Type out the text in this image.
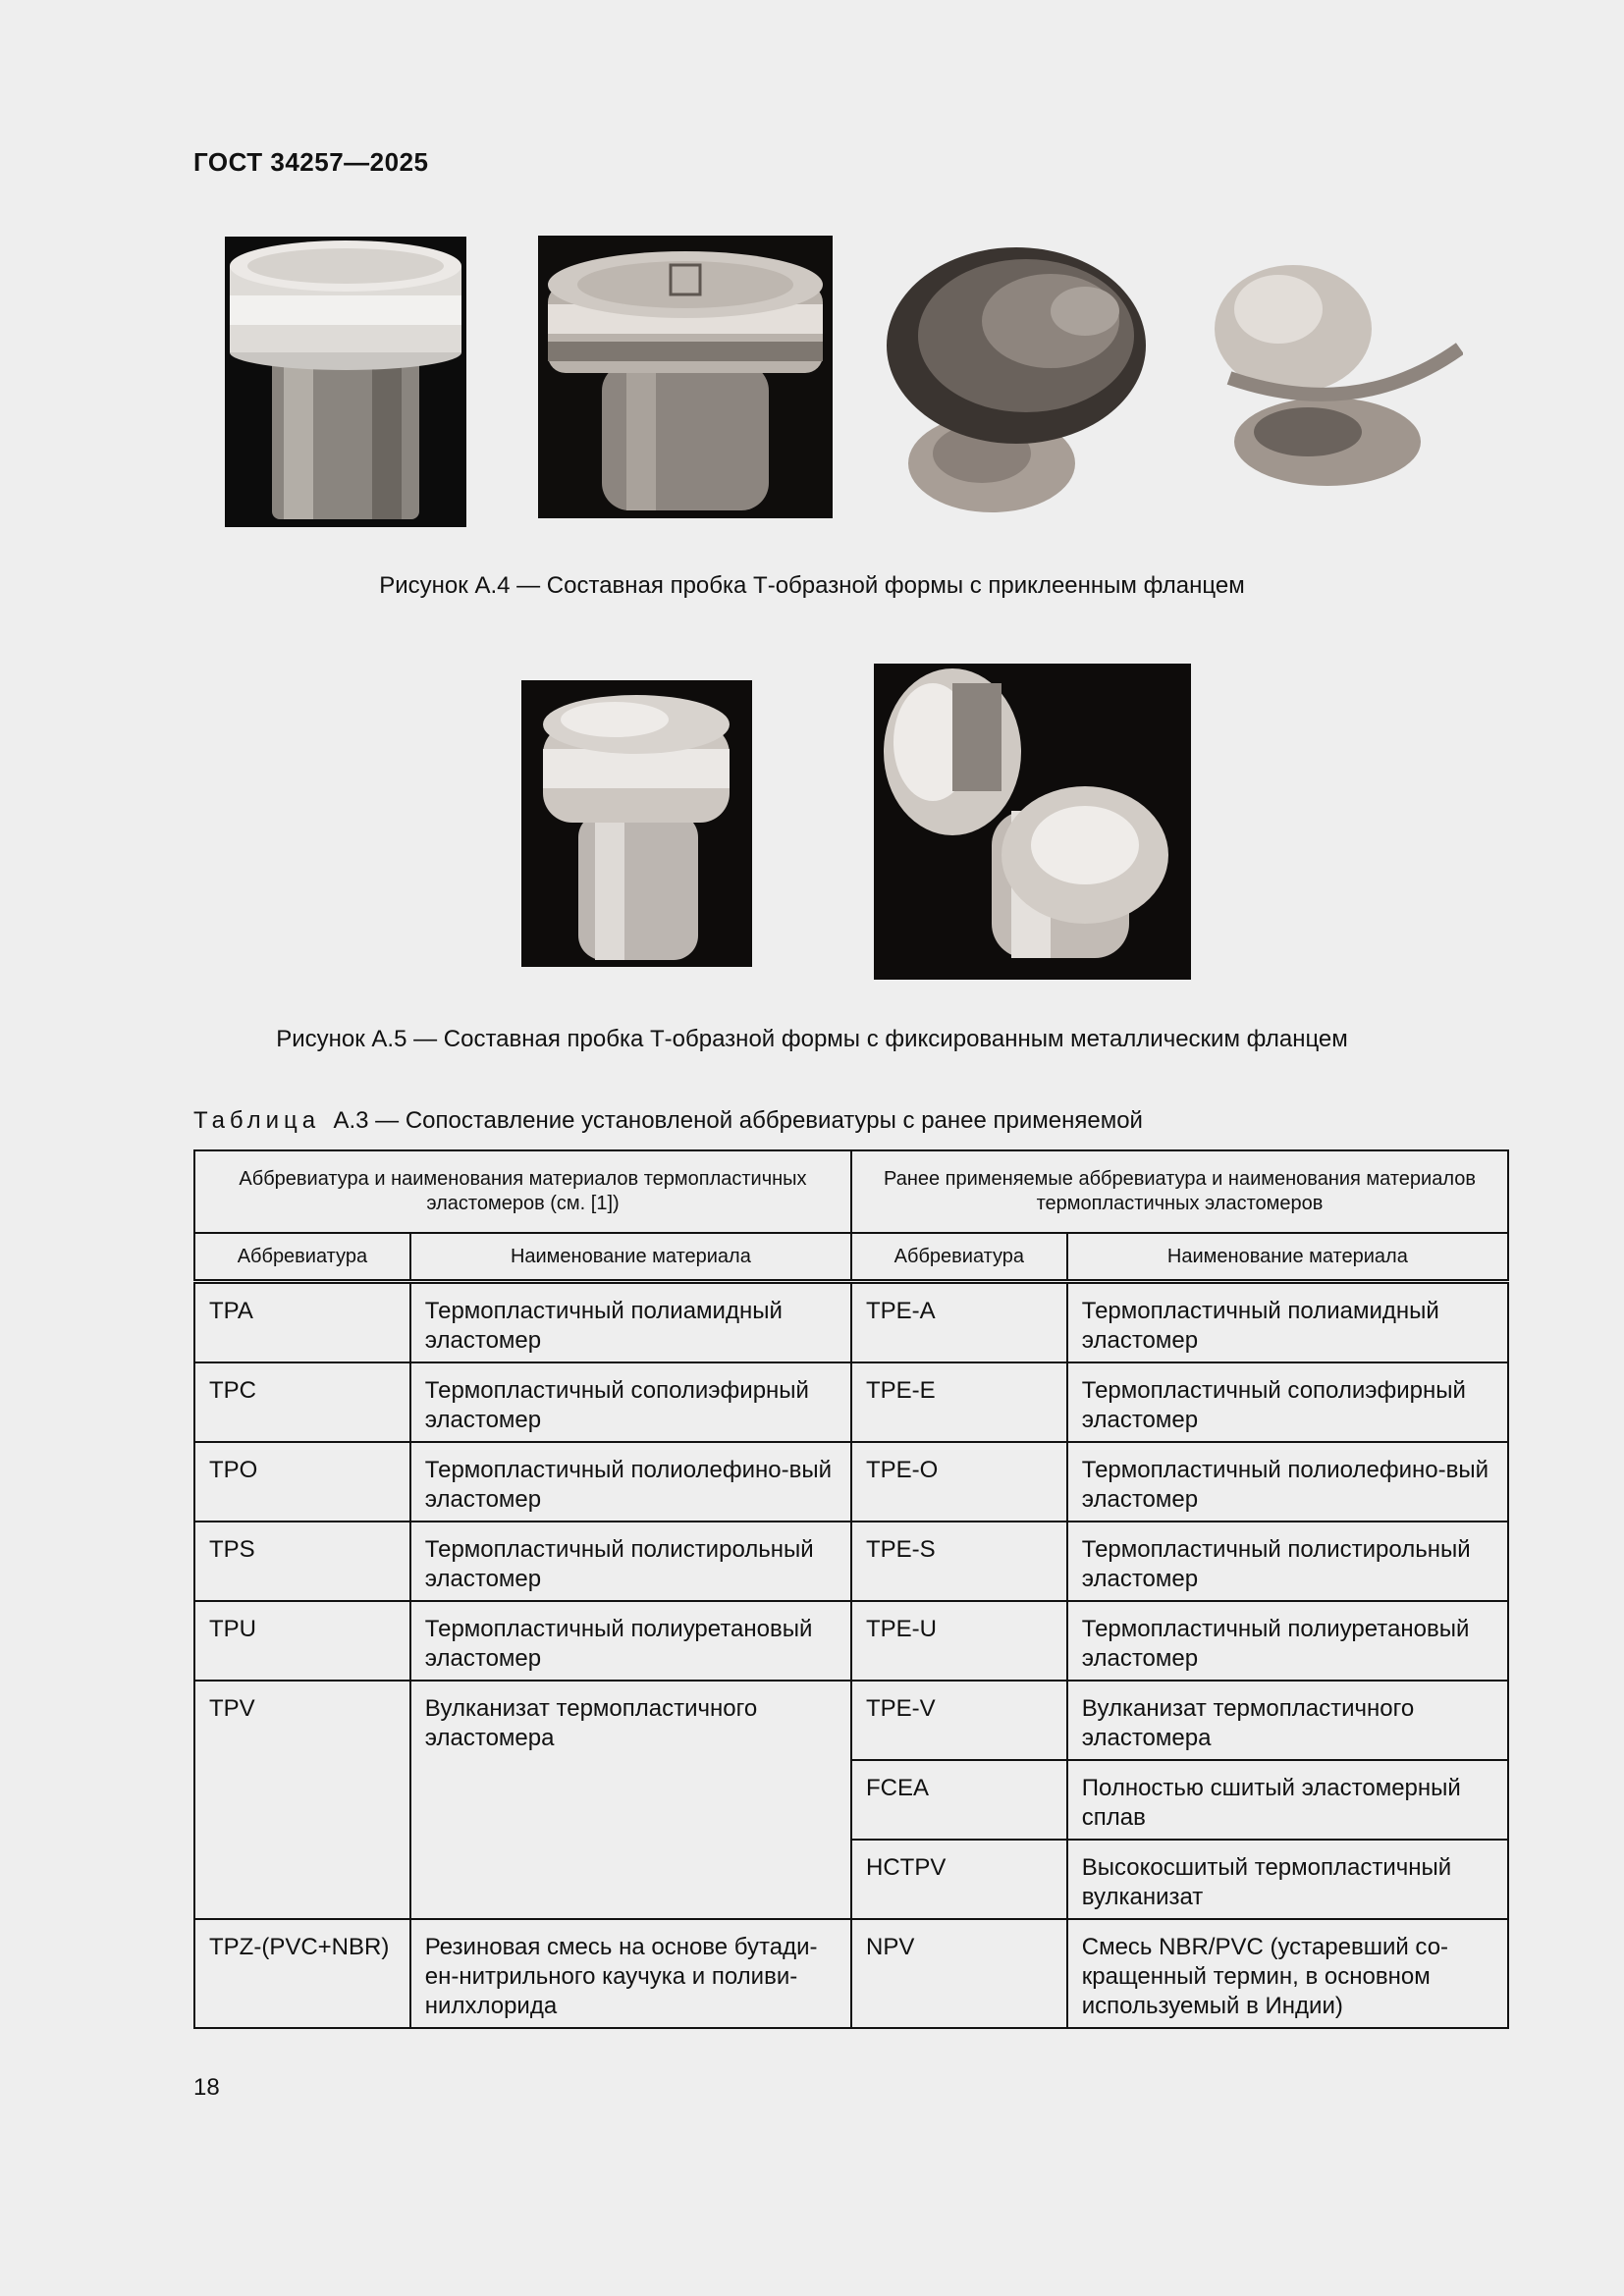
ГОСТ 34257—2025
Рисунок А.4 — Составная пробка Т-образной формы с приклеенным фланцем
Рисунок А.5 — Составная пробка Т-образной формы с фиксированным металлическим фланцем
Таблица А.3 — Сопоставление установленой аббревиатуры с ранее применяемой
Аббревиатура и наименования материалов термопластичных эластомеров (см. [1])		Ранее применяемые аббревиатура и наименования материалов термопластичных эластомеров	
Аббревиатура	Наименование материала	Аббревиатура	Наименование материала
TPA	Термопластичный полиамидный эластомер	TPE-A	Термопластичный полиамидный эластомер
TPC	Термопластичный сополиэфирный эластомер	TPE-E	Термопластичный сополиэфирный эластомер
TPO	Термопластичный полиолефино-вый эластомер	TPE-O	Термопластичный полиолефино-вый эластомер
TPS	Термопластичный полистирольный эластомер	TPE-S	Термопластичный полистирольный эластомер
TPU	Термопластичный полиуретановый эластомер	TPE-U	Термопластичный полиуретановый эластомер
TPV	Вулканизат термопластичного эластомера	TPE-V	Вулканизат термопластичного эластомера
		FCEA	Полностью сшитый эластомерный сплав
		HCTPV	Высокосшитый термопластичный вулканизат
TPZ-(PVC+NBR)	Резиновая смесь на основе бутади-ен-нитрильного каучука и поливи-нилхлорида	NPV	Смесь NBR/PVC (устаревший со-кращенный термин, в основном используемый в Индии)
18
